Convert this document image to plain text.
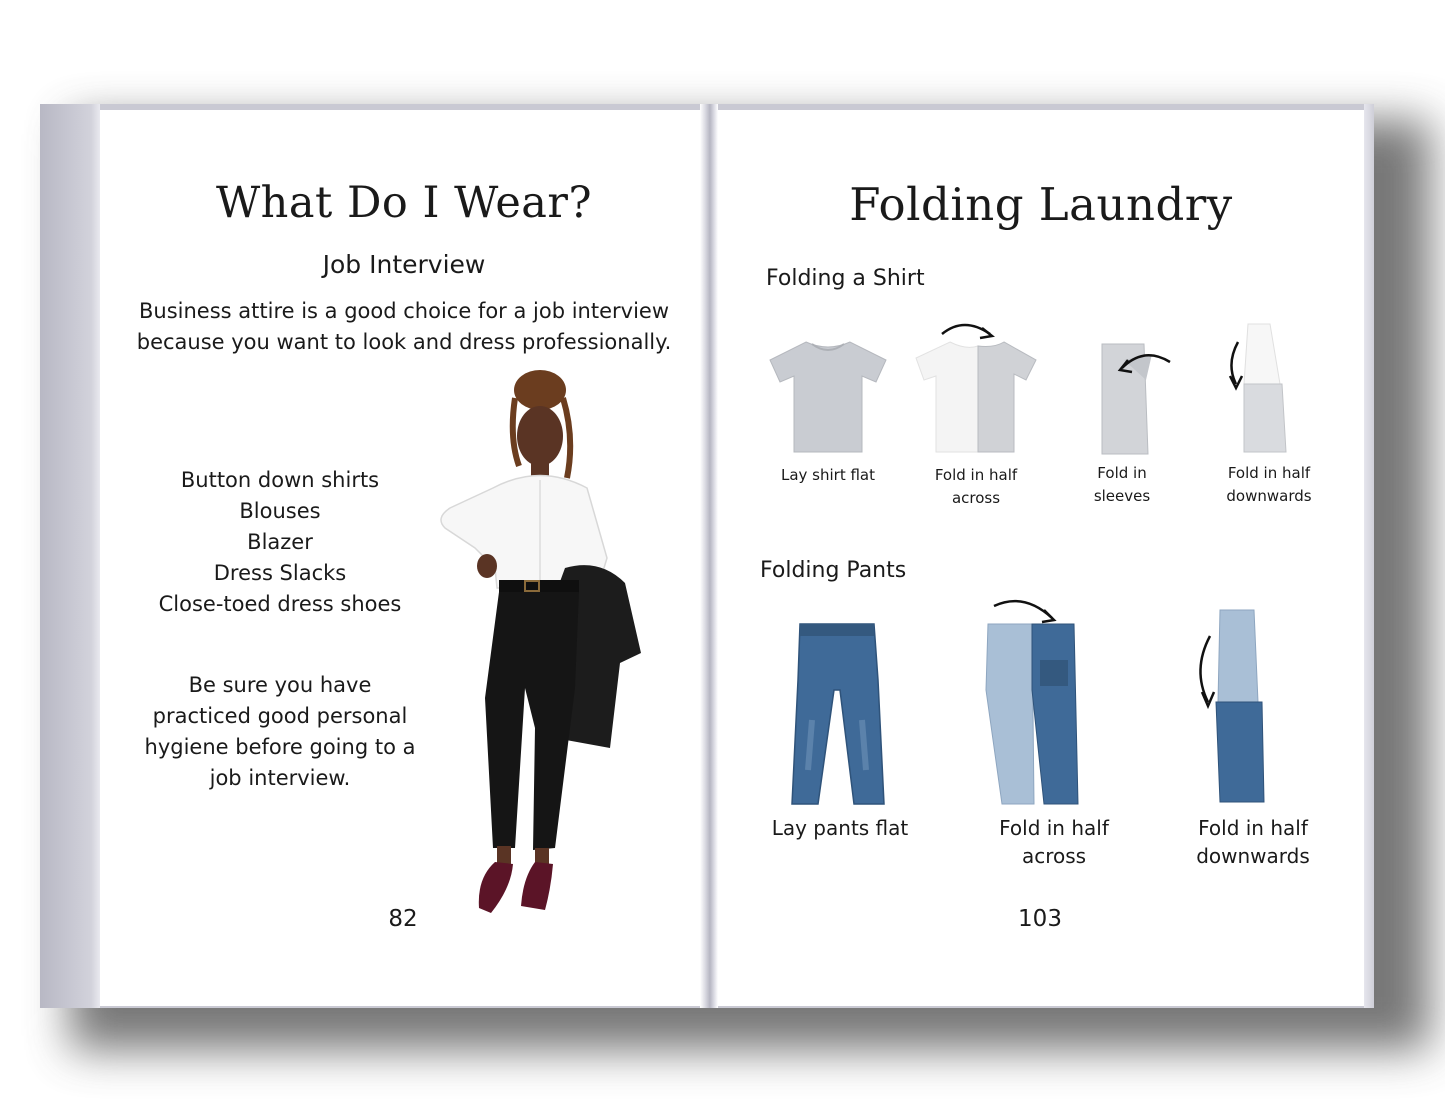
What Do I Wear?
Job Interview
Business attire is a good choice for a job interview because you want to look and dress professionally.
Button down shirts
Blouses
Blazer
Dress Slacks
Close-toed dress shoes
Be sure you have practiced good personal hygiene before going to a job interview.
82
Folding Laundry
Folding a Shirt
Lay shirt flat	Fold in half
across
Fold in
sleeves
Fold in half
downwards
Folding Pants
Lay pants flat	Fold in half
across
Fold in half
downwards
103
